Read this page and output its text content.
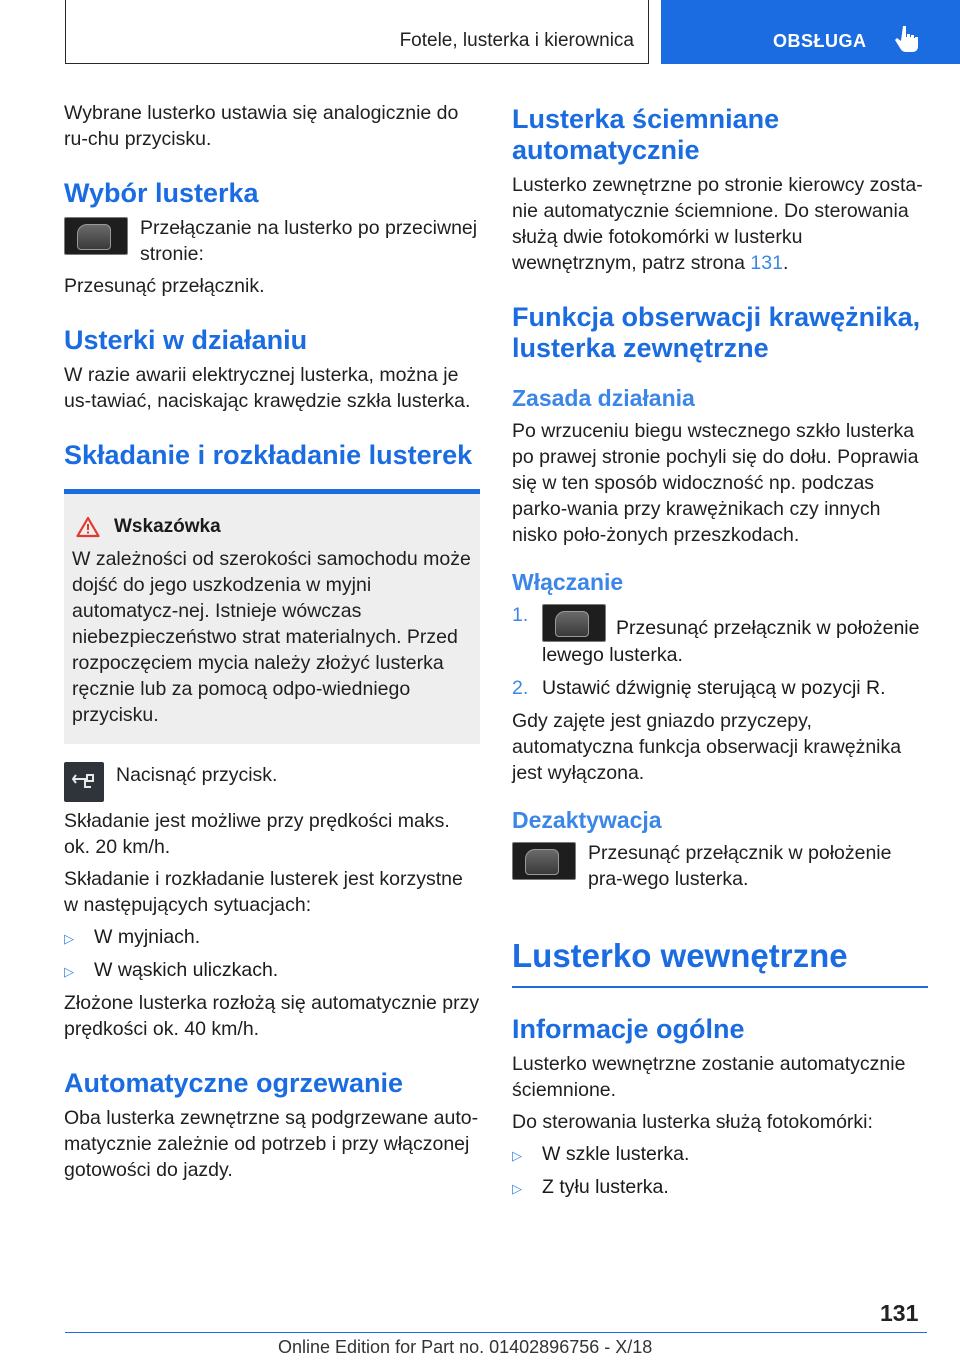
Fotele, lusterka i kierownica	OBSŁUGA

Wybrane lusterko ustawia się analogicznie do ru-chu przycisku.

Wybór lusterka
Przełączanie na lusterko po przeciwnej stronie:

Przesunąć przełącznik.

Usterki w działaniu

W razie awarii elektrycznej lusterka, można je us-tawiać, naciskając krawędzie szkła lusterka.

Składanie i rozkładanie lusterek
Wskazówka

W zależności od szerokości samochodu może dojść do jego uszkodzenia w myjni automatycz-nej. Istnieje wówczas niebezpieczeństwo strat materialnych. Przed rozpoczęciem mycia należy złożyć lusterka ręcznie lub za pomocą odpo-wiedniego przycisku.

Nacisnąć przycisk.

Składanie jest możliwe przy prędkości maks. ok. 20 km/h.

Składanie i rozkładanie lusterek jest korzystne w następujących sytuacjach:

▷ W myjniach.
▷ W wąskich uliczkach.

Złożone lusterka rozłożą się automatycznie przy prędkości ok. 40 km/h.

Automatyczne ogrzewanie

Oba lusterka zewnętrzne są podgrzewane auto-matycznie zależnie od potrzeb i przy włączonej gotowości do jazdy.

Lusterka ściemniane automatycznie

Lusterko zewnętrzne po stronie kierowcy zosta-nie automatycznie ściemnione. Do sterowania służą dwie fotokomórki w lusterku wewnętrznym, patrz strona 131.

Funkcja obserwacji krawężnika, lusterka zewnętrzne
Zasada działania

Po wrzuceniu biegu wstecznego szkło lusterka po prawej stronie pochyli się do dołu. Poprawia się w ten sposób widoczność np. podczas parko-wania przy krawężnikach czy innych nisko poło-żonych przeszkodach.

Włączanie
1.
Przesunąć przełącznik w położenie lewego lusterka.
2. Ustawić dźwignię sterującą w pozycji R.

Gdy zajęte jest gniazdo przyczepy, automatyczna funkcja obserwacji krawężnika jest wyłączona.

Dezaktywacja
Przesunąć przełącznik w położenie pra-wego lusterka.
Lusterko wewnętrzne
Informacje ogólne

Lusterko wewnętrzne zostanie automatycznie ściemnione.

Do sterowania lusterka służą fotokomórki:

▷ W szkle lusterka.
▷ Z tyłu lusterka.
131
Online Edition for Part no. 01402896756 - X/18
